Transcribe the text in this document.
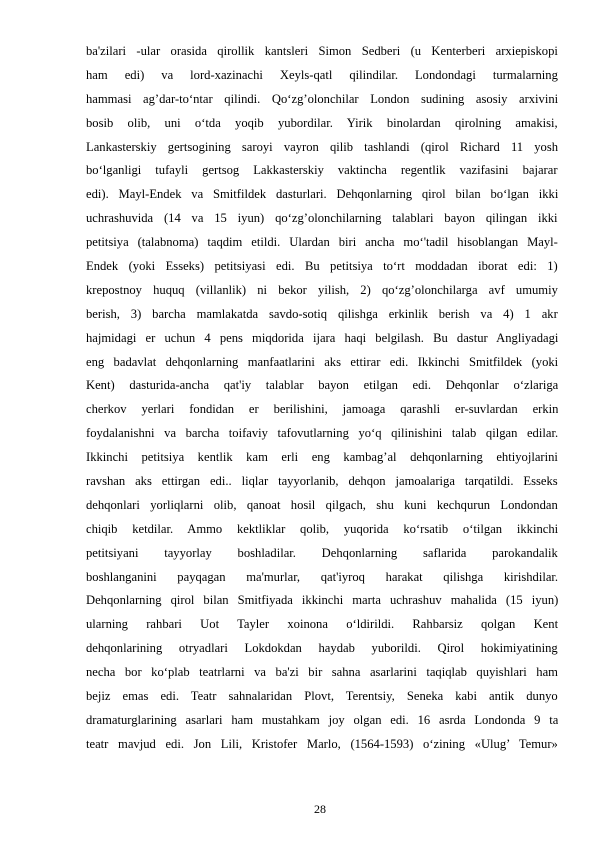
ba'zilari -ular orasida qirollik kantsleri Simon Sedberi (u Kenterberi arxiepiskopi
ham edi) va lord-xazinachi Xeyls-qatl qilindilar. Londondagi turmalarning
hammasi ag’dar-to‘ntar qilindi. Qo‘zg’olonchilar London sudining asosiy arxivini
bosib olib, uni o‘tda yoqib yubordilar. Yirik binolardan qirolning amakisi,
Lankasterskiy gertsogining saroyi vayron qilib tashlandi (qirol Richard 11 yosh
bo‘lganligi tufayli gertsog Lakkasterskiy vaktincha regentlik vazifasini bajarar
edi). Mayl-Endek va Smitfildek dasturlari. Dehqonlarning qirol bilan bo‘lgan ikki
uchrashuvida (14 va 15 iyun) qo‘zg’olonchilarning talablari bayon qilingan ikki
petitsiya (talabnoma) taqdim etildi. Ulardan biri ancha mo‘'tadil hisoblangan Mayl-
Endek (yoki Esseks) petitsiyasi edi. Bu petitsiya to‘rt moddadan iborat edi: 1)
krepostnoy huquq (villanlik) ni bekor yilish, 2) qo‘zg’olonchilarga avf umumiy
berish, 3) barcha mamlakatda savdo-sotiq qilishga erkinlik berish va 4) 1 akr
hajmidagi er uchun 4 pens miqdorida ijara haqi belgilash. Bu dastur Angliyadagi
eng badavlat dehqonlarning manfaatlarini aks ettirar edi. Ikkinchi Smitfildek (yoki
Kent) dasturida-ancha qat'iy talablar bayon etilgan edi. Dehqonlar o‘zlariga
cherkov yerlari fondidan er berilishini, jamoaga qarashli er-suvlardan erkin
foydalanishni va barcha toifaviy tafovutlarning yo‘q qilinishini talab qilgan edilar.
Ikkinchi petitsiya kentlik kam erli eng kambag’al dehqonlarning ehtiyojlarini
ravshan aks ettirgan edi.. liqlar tayyorlanib, dehqon jamoalariga tarqatildi. Esseks
dehqonlari yorliqlarni olib, qanoat hosil qilgach, shu kuni kechqurun Londondan
chiqib ketdilar. Ammo kektliklar qolib, yuqorida ko‘rsatib o‘tilgan ikkinchi
petitsiyani tayyorlay boshladilar. Dehqonlarning saflarida parokandalik
boshlanganini payqagan ma'murlar, qat'iyroq harakat qilishga kirishdilar.
Dehqonlarning qirol bilan Smitfiyada ikkinchi marta uchrashuv mahalida (15 iyun)
ularning rahbari Uot Tayler xoinona o‘ldirildi. Rahbarsiz qolgan Kent
dehqonlarining otryadlari Lokdokdan haydab yuborildi. Qirol hokimiyatining
necha bor ko‘plab teatrlarni va ba'zi bir sahna asarlarini taqiqlab quyishlari ham
bejiz emas edi. Teatr sahnalaridan Plovt, Terentsiy, Seneka kabi antik dunyo
dramaturglarining asarlari ham mustahkam joy olgan edi. 16 asrda Londonda 9 ta
teatr mavjud edi. Jon Lili, Kristofer Marlo, (1564-1593) o‘zining «Ulug’ Temur»
28
